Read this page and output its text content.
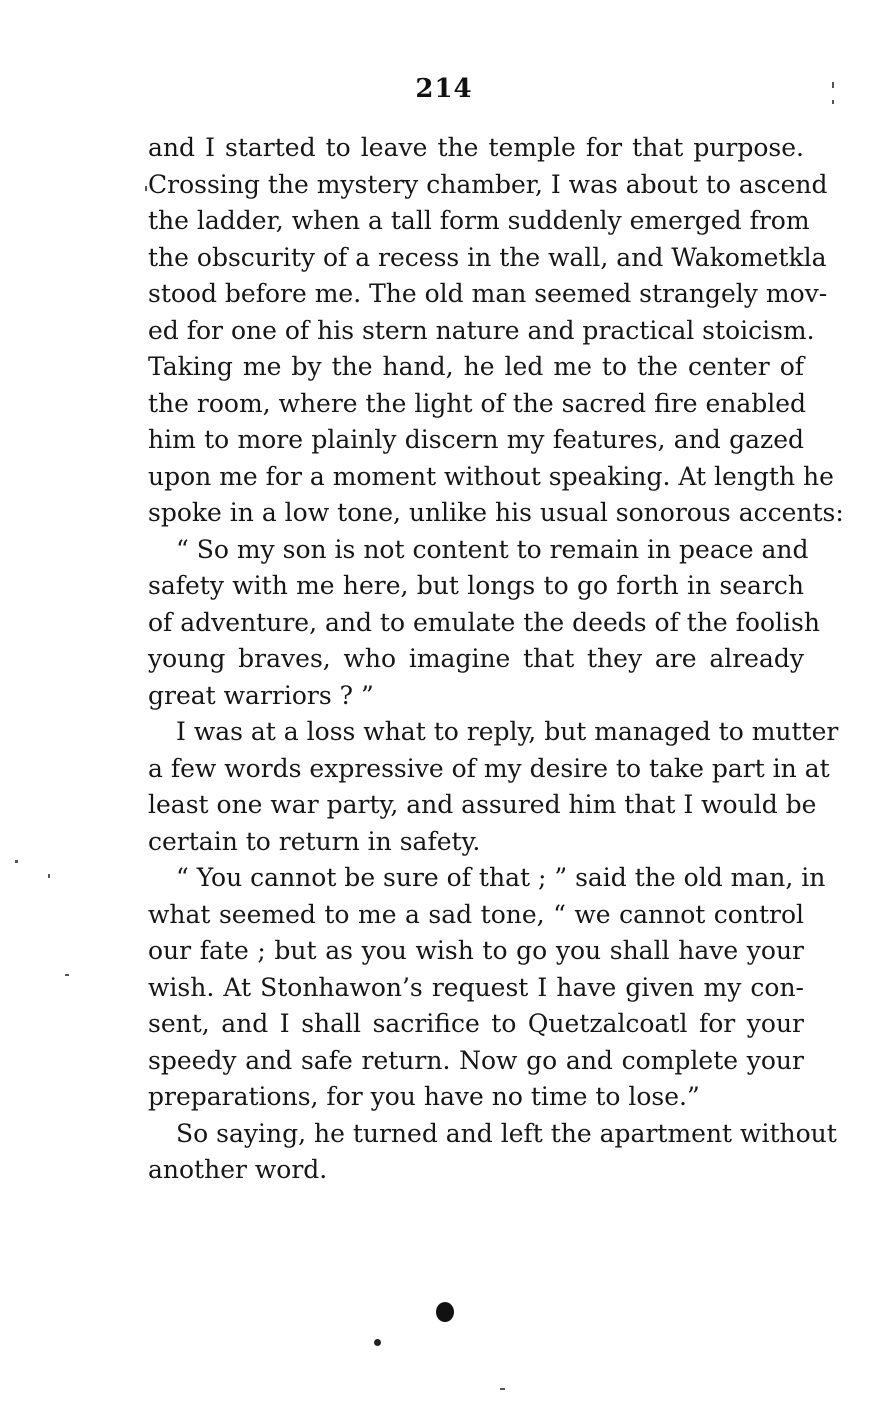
214
and I started to leave the temple for that purpose.
Crossing the mystery chamber, I was about to ascend
the ladder, when a tall form suddenly emerged from
the obscurity of a recess in the wall, and Wakometkla
stood before me. The old man seemed strangely mov-
ed for one of his stern nature and practical stoicism.
Taking me by the hand, he led me to the center of
the room, where the light of the sacred fire enabled
him to more plainly discern my features, and gazed
upon me for a moment without speaking. At length he
spoke in a low tone, unlike his usual sonorous accents:
“ So my son is not content to remain in peace and
safety with me here, but longs to go forth in search
of adventure, and to emulate the deeds of the foolish
young braves, who imagine that they are already
great warriors ? ”
I was at a loss what to reply, but managed to mutter
a few words expressive of my desire to take part in at
least one war party, and assured him that I would be
certain to return in safety.
“ You cannot be sure of that ; ” said the old man, in
what seemed to me a sad tone, “ we cannot control
our fate ; but as you wish to go you shall have your
wish. At Stonhawon’s request I have given my con-
sent, and I shall sacrifice to Quetzalcoatl for your
speedy and safe return. Now go and complete your
preparations, for you have no time to lose.”
So saying, he turned and left the apartment without
another word.
